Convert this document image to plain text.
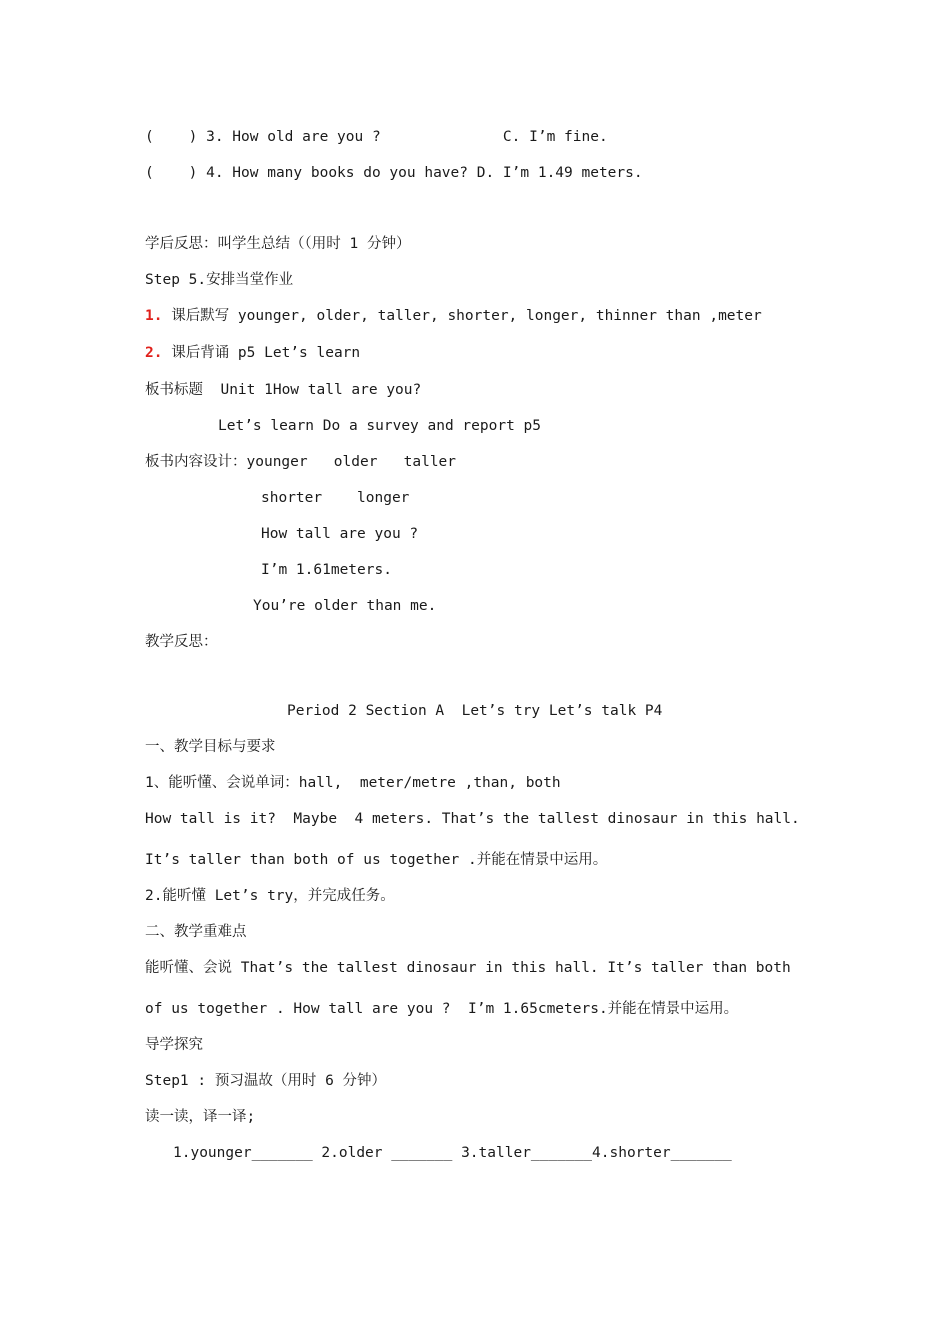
(    ) 3. How old are you ?              C. I’m fine.
(    ) 4. How many books do you have? D. I’m 1.49 meters.
学后反思：叫学生总结（（用时 1 分钟）
Step 5.安排当堂作业
1. 课后默写 younger, older, taller, shorter, longer, thinner than ,meter
2. 课后背诵 p5 Let’s learn
板书标题  Unit 1How tall are you?
Let’s learn Do a survey and report p5
板书内容设计：younger   older   taller
shorter    longer
How tall are you ?
I’m 1.61meters.
You’re older than me.
教学反思：
Period 2 Section A  Let’s try Let’s talk P4
一、教学目标与要求
1、能听懂、会说单词：hall,  meter/metre ,than, both
How tall is it?  Maybe  4 meters. That’s the tallest dinosaur in this hall.
It’s taller than both of us together .并能在情景中运用。
2.能听懂 Let’s try，并完成任务。
二、教学重难点
能听懂、会说 That’s the tallest dinosaur in this hall. It’s taller than both
of us together . How tall are you ?  I’m 1.65cmeters.并能在情景中运用。
导学探究
Step1 : 预习温故（用时 6 分钟）
读一读，译一译;
1.younger_______ 2.older _______ 3.taller_______4.shorter_______
